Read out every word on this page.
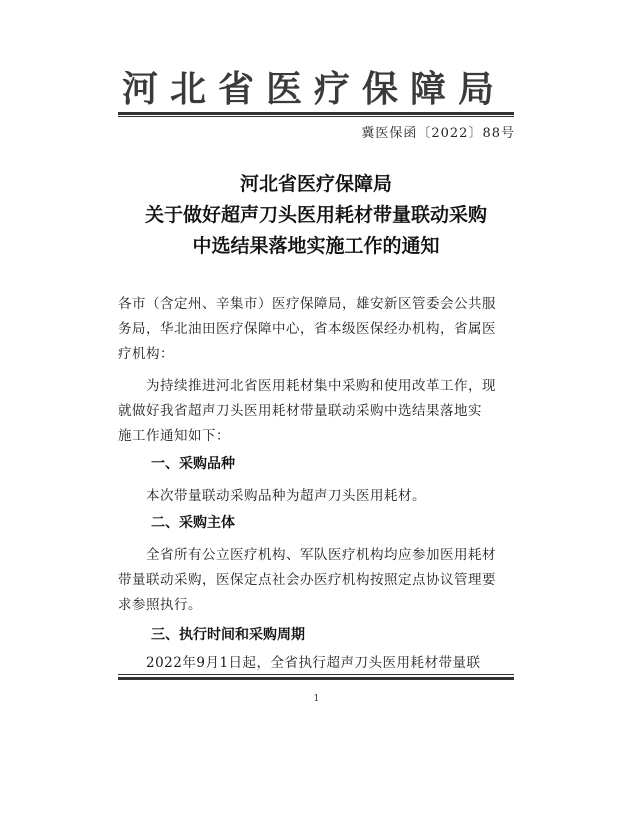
河北省医疗保障局
冀医保函〔2022〕88号
河北省医疗保障局
关于做好超声刀头医用耗材带量联动采购
中选结果落地实施工作的通知
各市（含定州、辛集市）医疗保障局，雄安新区管委会公共服
务局，华北油田医疗保障中心，省本级医保经办机构，省属医
疗机构：
为持续推进河北省医用耗材集中采购和使用改革工作，现
就做好我省超声刀头医用耗材带量联动采购中选结果落地实
施工作通知如下：
一、采购品种
本次带量联动采购品种为超声刀头医用耗材。
二、采购主体
全省所有公立医疗机构、军队医疗机构均应参加医用耗材
带量联动采购，医保定点社会办医疗机构按照定点协议管理要
求参照执行。
三、执行时间和采购周期
2022年9月1日起，全省执行超声刀头医用耗材带量联
1
